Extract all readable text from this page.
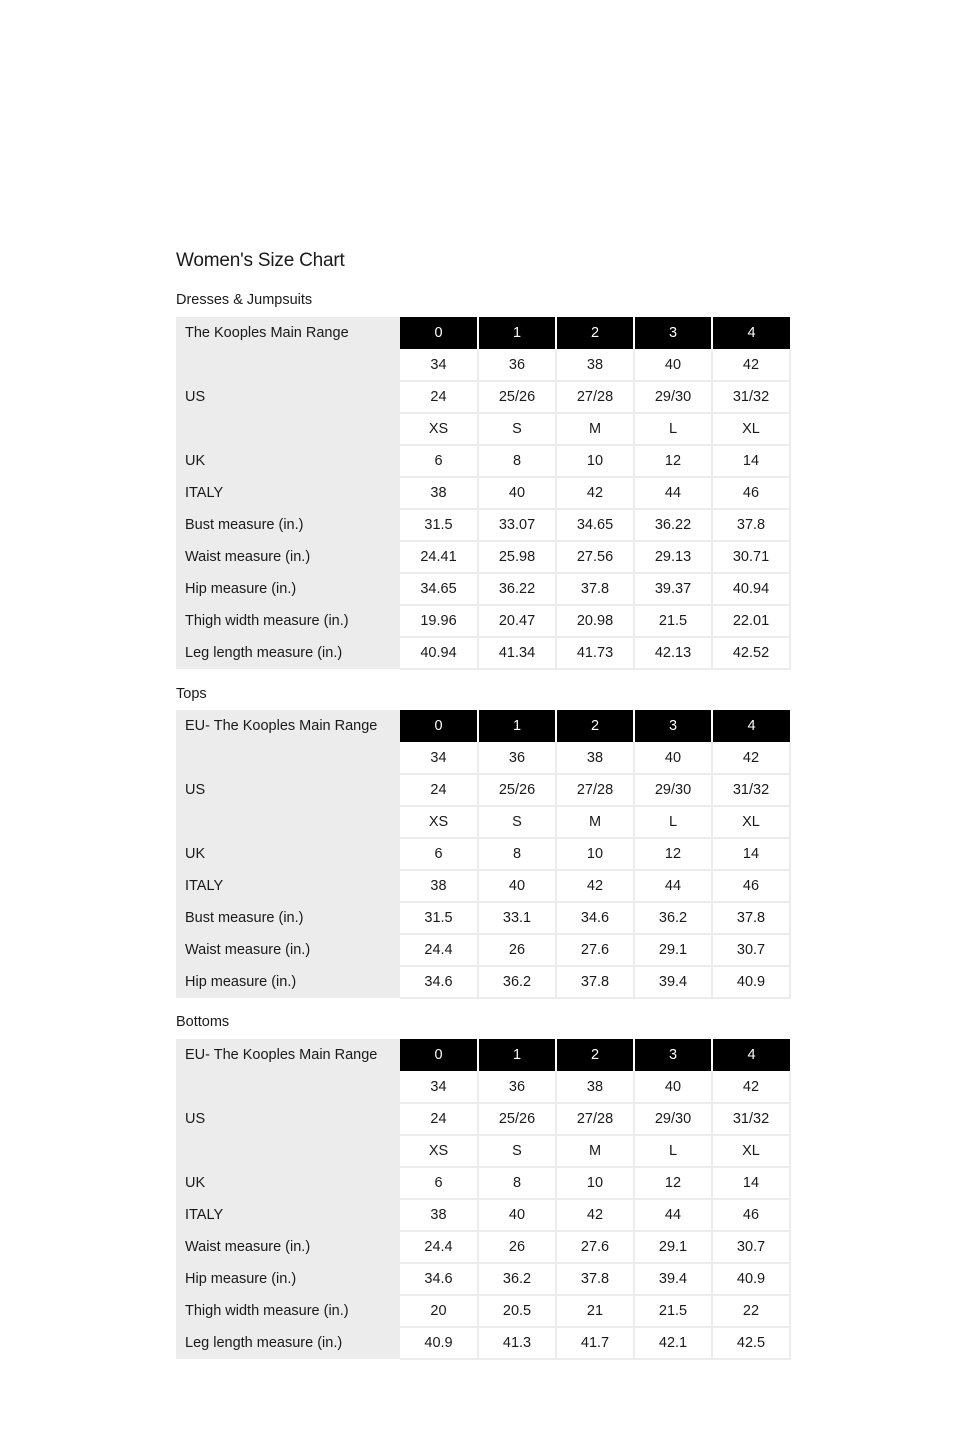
Women's Size Chart
Dresses & Jumpsuits
The Kooples Main Range	0	1	2	3	4
	34	36	38	40	42
US	24	25/26	27/28	29/30	31/32
	XS	S	M	L	XL
UK	6	8	10	12	14
ITALY	38	40	42	44	46
Bust measure (in.)	31.5	33.07	34.65	36.22	37.8
Waist measure (in.)	24.41	25.98	27.56	29.13	30.71
Hip measure (in.)	34.65	36.22	37.8	39.37	40.94
Thigh width measure (in.)	19.96	20.47	20.98	21.5	22.01
Leg length measure (in.)	40.94	41.34	41.73	42.13	42.52
Tops
EU- The Kooples Main Range	0	1	2	3	4
	34	36	38	40	42
US	24	25/26	27/28	29/30	31/32
	XS	S	M	L	XL
UK	6	8	10	12	14
ITALY	38	40	42	44	46
Bust measure (in.)	31.5	33.1	34.6	36.2	37.8
Waist measure (in.)	24.4	26	27.6	29.1	30.7
Hip measure (in.)	34.6	36.2	37.8	39.4	40.9
Bottoms
EU- The Kooples Main Range	0	1	2	3	4
	34	36	38	40	42
US	24	25/26	27/28	29/30	31/32
	XS	S	M	L	XL
UK	6	8	10	12	14
ITALY	38	40	42	44	46
Waist measure (in.)	24.4	26	27.6	29.1	30.7
Hip measure (in.)	34.6	36.2	37.8	39.4	40.9
Thigh width measure (in.)	20	20.5	21	21.5	22
Leg length measure (in.)	40.9	41.3	41.7	42.1	42.5
